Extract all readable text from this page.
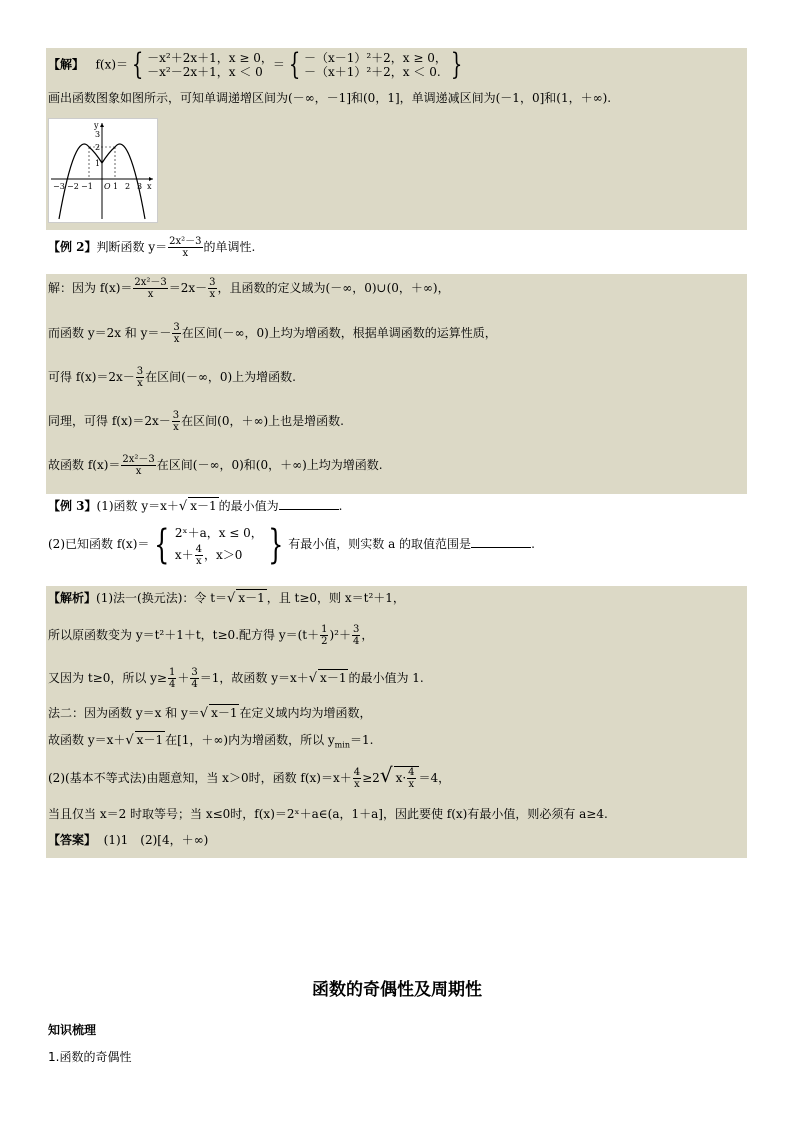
【解】 f(x)＝ { －x²＋2x＋1，x ≥ 0，
－x²－2x＋1，x ＜ 0＝ { －（x－1）²＋2，x ≥ 0，
－（x＋1）²＋2，x ＜ 0. }
画出函数图象如图所示，可知单调递增区间为(－∞，－1]和(0，1]，单调递减区间为(－1，0]和(1，＋∞).
y
x
O
1
2
3
−3 −2 −1	1 2 3
【例 2】判断函数 $y= \frac{\text{2x²－3}}{x}$ 的单调性.
解：因为 $f(x)= \frac{\text{2x²－3}}{x} =2x- \frac{3}{x}$ ，且函数的定义域为(－∞，0)∪(0，＋∞)，
而函数 y＝2x 和 $y=- \frac{3}{x}$ 在区间(－∞，0)上均为增函数，根据单调函数的运算性质，
可得 $f(x)=2x- \frac{3}{x}$ 在区间(－∞，0)上为增函数.
同理，可得 $f(x)=2x- \frac{3}{x}$ 在区间(0，＋∞)上也是增函数.
故函数 $f(x)= \frac{\text{2x²－3}}{x}$ 在区间(－∞，0)和(0，＋∞)上均为增函数.
【例 3】(1)函数 y＝x＋√ x－1 的最小值为	.
(2)已知函数 f(x)＝ { 2ˣ＋a，x ≤ 0，
$x+ \frac{4}{x}$ ，x＞0 } 有最小值，则实数 a 的取值范围是	.
【解析】(1)法一(换元法)：令 t＝√ x－1 ，且 t≥0，则 x＝t²＋1，
所以原函数变为 y＝t²＋1＋t，t≥0.配方得 $y=(t+ \frac{1}{2} )^2+ \frac{3}{4}$ ，
又因为 t≥0，所以 $y\ge \frac{1}{4} + \frac{3}{4} =1$，故函数 y＝x＋√ x－1 的最小值为 1.
法二：因为函数 y＝x 和 y＝√ x－1 在定义域内均为增函数，
故函数 y＝x＋√ x－1 在[1，＋∞)内为增函数，所以 $y_{min}=1$.
(2)(基本不等式法)由题意知，当 x＞0时，函数 $f(x)=x+ \frac{4}{x} \ge 2√$ $x\cdot \frac{4}{x} =4$，
当且仅当 x＝2 时取等号；当 x≤0时，f(x)＝2ˣ＋a∈(a，1＋a]，因此要使 f(x)有最小值，则必须有 a≥4.
【答案】 (1)1　(2)[4，＋∞)
函数的奇偶性及周期性
知识梳理
1.函数的奇偶性
